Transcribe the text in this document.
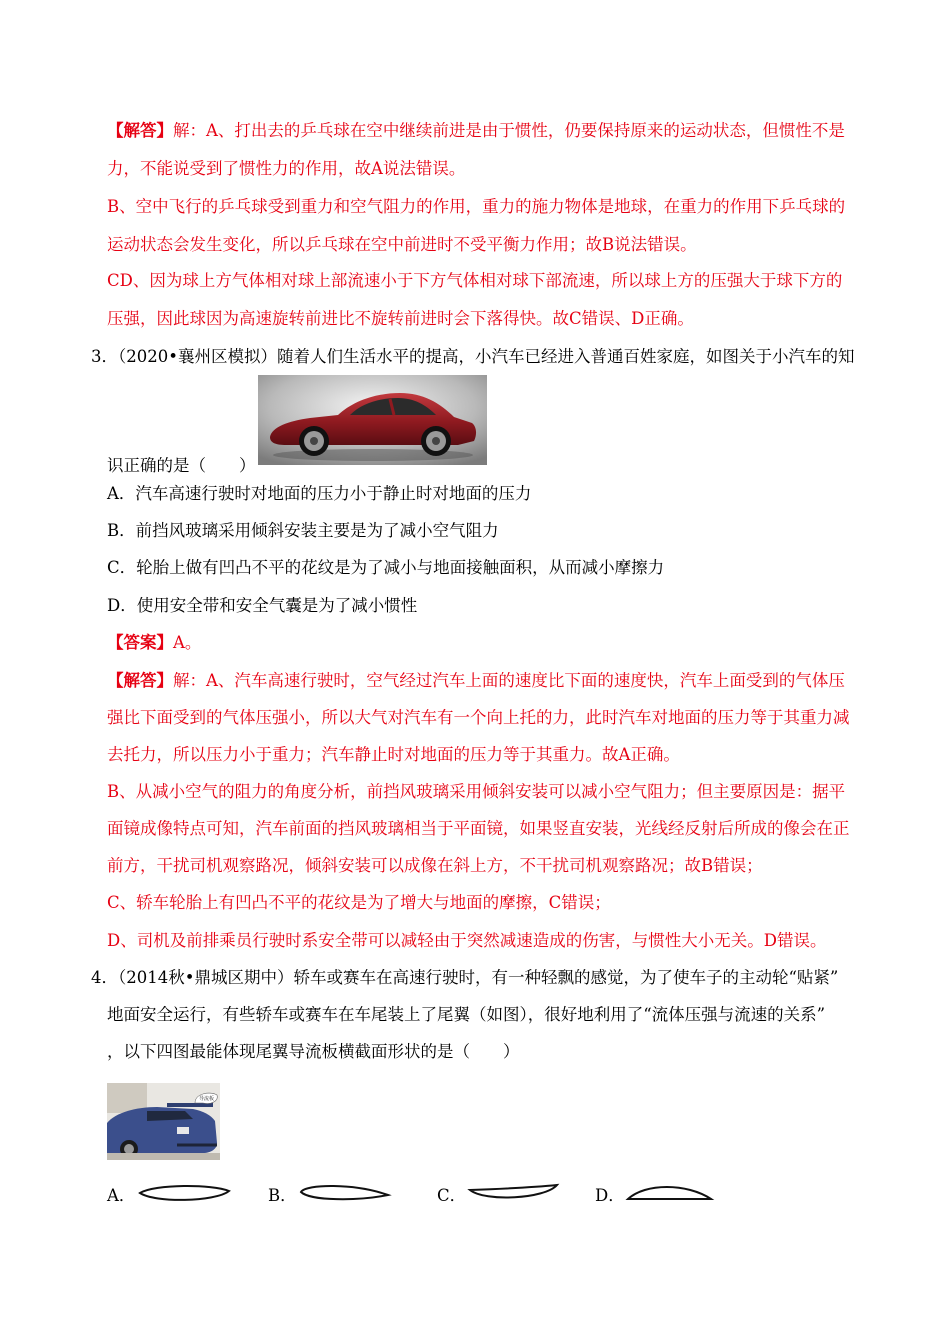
【解答】解：A、打出去的乒乓球在空中继续前进是由于惯性，仍要保持原来的运动状态，但惯性不是
力，不能说受到了惯性力的作用，故A说法错误。
B、空中飞行的乒乓球受到重力和空气阻力的作用，重力的施力物体是地球，在重力的作用下乒乓球的
运动状态会发生变化，所以乒乓球在空中前进时不受平衡力作用；故B说法错误。
CD、因为球上方气体相对球上部流速小于下方气体相对球下部流速，所以球上方的压强大于球下方的
压强，因此球因为高速旋转前进比不旋转前进时会下落得快。故C错误、D正确。
3．（2020•襄州区模拟）随着人们生活水平的提高，小汽车已经进入普通百姓家庭，如图关于小汽车的知
识正确的是（　　）
A．汽车高速行驶时对地面的压力小于静止时对地面的压力
B．前挡风玻璃采用倾斜安装主要是为了减小空气阻力
C．轮胎上做有凹凸不平的花纹是为了减小与地面接触面积，从而减小摩擦力
D．使用安全带和安全气囊是为了减小惯性
【答案】A。
【解答】解：A、汽车高速行驶时，空气经过汽车上面的速度比下面的速度快，汽车上面受到的气体压
强比下面受到的气体压强小，所以大气对汽车有一个向上托的力，此时汽车对地面的压力等于其重力减
去托力，所以压力小于重力；汽车静止时对地面的压力等于其重力。故A正确。
B、从减小空气的阻力的角度分析，前挡风玻璃采用倾斜安装可以减小空气阻力；但主要原因是：据平
面镜成像特点可知，汽车前面的挡风玻璃相当于平面镜，如果竖直安装，光线经反射后所成的像会在正
前方，干扰司机观察路况，倾斜安装可以成像在斜上方，不干扰司机观察路况；故B错误；
C、轿车轮胎上有凹凸不平的花纹是为了增大与地面的摩擦，C错误；
D、司机及前排乘员行驶时系安全带可以减轻由于突然减速造成的伤害，与惯性大小无关。D错误。
4．（2014秋•鼎城区期中）轿车或赛车在高速行驶时，有一种轻飘的感觉，为了使车子的主动轮“贴紧”
地面安全运行，有些轿车或赛车在车尾装上了尾翼（如图），很好地利用了“流体压强与流速的关系”
，以下四图最能体现尾翼导流板横截面形状的是（　　）
导流板
A．	B．	C．	D．
